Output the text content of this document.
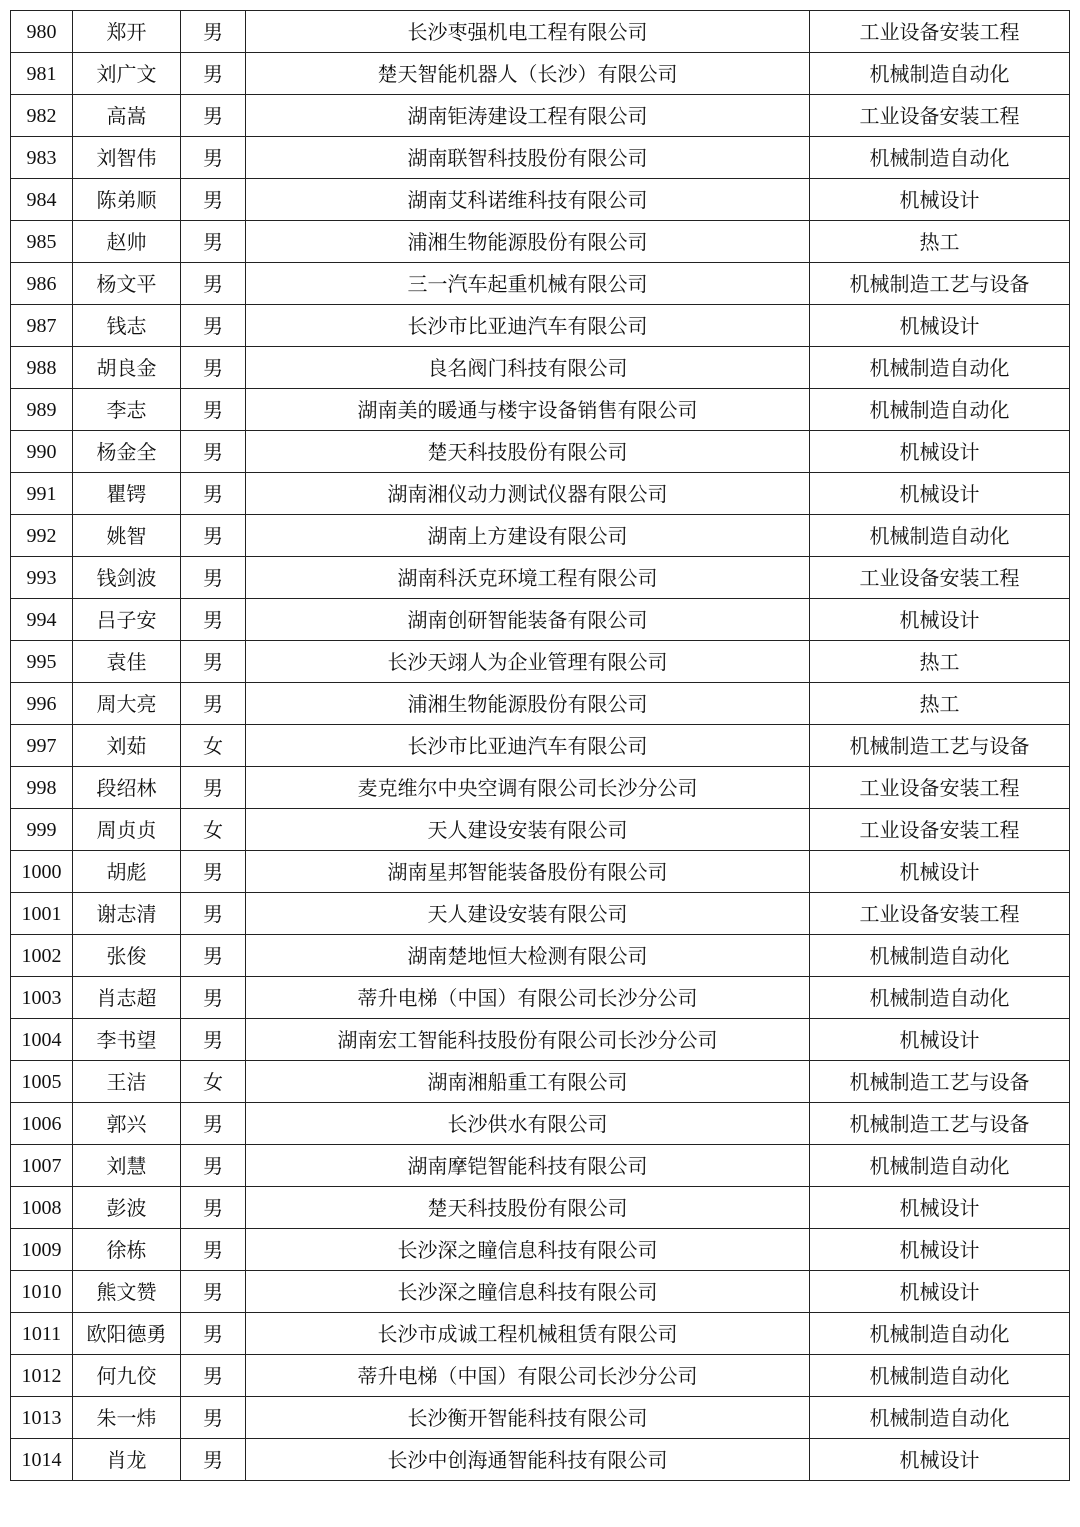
980	郑开	男	长沙枣强机电工程有限公司	工业设备安装工程
981	刘广文	男	楚天智能机器人（长沙）有限公司	机械制造自动化
982	高嵩	男	湖南钜涛建设工程有限公司	工业设备安装工程
983	刘智伟	男	湖南联智科技股份有限公司	机械制造自动化
984	陈弟顺	男	湖南艾科诺维科技有限公司	机械设计
985	赵帅	男	浦湘生物能源股份有限公司	热工
986	杨文平	男	三一汽车起重机械有限公司	机械制造工艺与设备
987	钱志	男	长沙市比亚迪汽车有限公司	机械设计
988	胡良金	男	良名阀门科技有限公司	机械制造自动化
989	李志	男	湖南美的暖通与楼宇设备销售有限公司	机械制造自动化
990	杨金全	男	楚天科技股份有限公司	机械设计
991	瞿锷	男	湖南湘仪动力测试仪器有限公司	机械设计
992	姚智	男	湖南上方建设有限公司	机械制造自动化
993	钱剑波	男	湖南科沃克环境工程有限公司	工业设备安装工程
994	吕子安	男	湖南创研智能装备有限公司	机械设计
995	袁佳	男	长沙天翊人为企业管理有限公司	热工
996	周大亮	男	浦湘生物能源股份有限公司	热工
997	刘茹	女	长沙市比亚迪汽车有限公司	机械制造工艺与设备
998	段绍林	男	麦克维尔中央空调有限公司长沙分公司	工业设备安装工程
999	周贞贞	女	天人建设安装有限公司	工业设备安装工程
1000	胡彪	男	湖南星邦智能装备股份有限公司	机械设计
1001	谢志清	男	天人建设安装有限公司	工业设备安装工程
1002	张俊	男	湖南楚地恒大检测有限公司	机械制造自动化
1003	肖志超	男	蒂升电梯（中国）有限公司长沙分公司	机械制造自动化
1004	李书望	男	湖南宏工智能科技股份有限公司长沙分公司	机械设计
1005	王洁	女	湖南湘船重工有限公司	机械制造工艺与设备
1006	郭兴	男	长沙供水有限公司	机械制造工艺与设备
1007	刘慧	男	湖南摩铠智能科技有限公司	机械制造自动化
1008	彭波	男	楚天科技股份有限公司	机械设计
1009	徐栋	男	长沙深之瞳信息科技有限公司	机械设计
1010	熊文赞	男	长沙深之瞳信息科技有限公司	机械设计
1011	欧阳德勇	男	长沙市成诚工程机械租赁有限公司	机械制造自动化
1012	何九佼	男	蒂升电梯（中国）有限公司长沙分公司	机械制造自动化
1013	朱一炜	男	长沙衡开智能科技有限公司	机械制造自动化
1014	肖龙	男	长沙中创海通智能科技有限公司	机械设计
